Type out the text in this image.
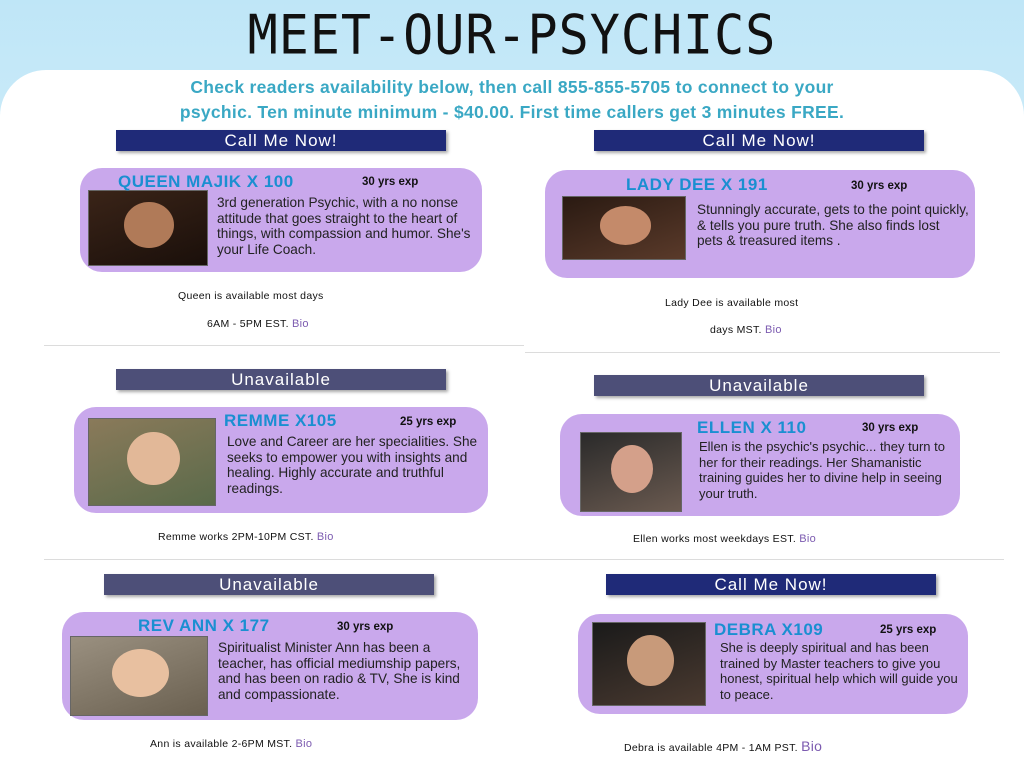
MEET-OUR-PSYCHICS
Check readers availability below, then call 855-855-5705 to connect to your
psychic. Ten minute minimum - $40.00. First time callers get 3 minutes FREE.
Call Me Now!
QUEEN MAJIK X 100	30 yrs exp
3rd generation Psychic, with a no nonse attitude that goes straight to the heart of things, with compassion and humor. She's your Life Coach.
Queen is available most days
6AM - 5PM EST. Bio
Call Me Now!
LADY DEE X 191	30 yrs exp
Stunningly accurate, gets to the point quickly, & tells you pure truth. She also finds lost pets & treasured items .
Lady Dee is available most
days MST. Bio
Unavailable
REMME X105	25 yrs exp
Love and Career are her specialities. She seeks to empower you with insights and healing. Highly accurate and truthful readings.
Remme works 2PM-10PM CST. Bio
Unavailable
ELLEN X 110	30 yrs exp
Ellen is the psychic's psychic... they turn to her for their readings. Her Shamanistic training guides her to divine help in seeing your truth.
Ellen works most weekdays EST. Bio
Unavailable
REV ANN X 177	30 yrs exp
Spiritualist Minister Ann has been a teacher, has official mediumship papers, and has been on radio & TV, She is kind and compassionate.
Ann is available 2-6PM MST. Bio
Call Me Now!
DEBRA X109	25 yrs exp
She is deeply spiritual and has been trained by Master teachers to give you honest, spiritual help which will guide you to peace.
Debra is available 4PM - 1AM PST. Bio
